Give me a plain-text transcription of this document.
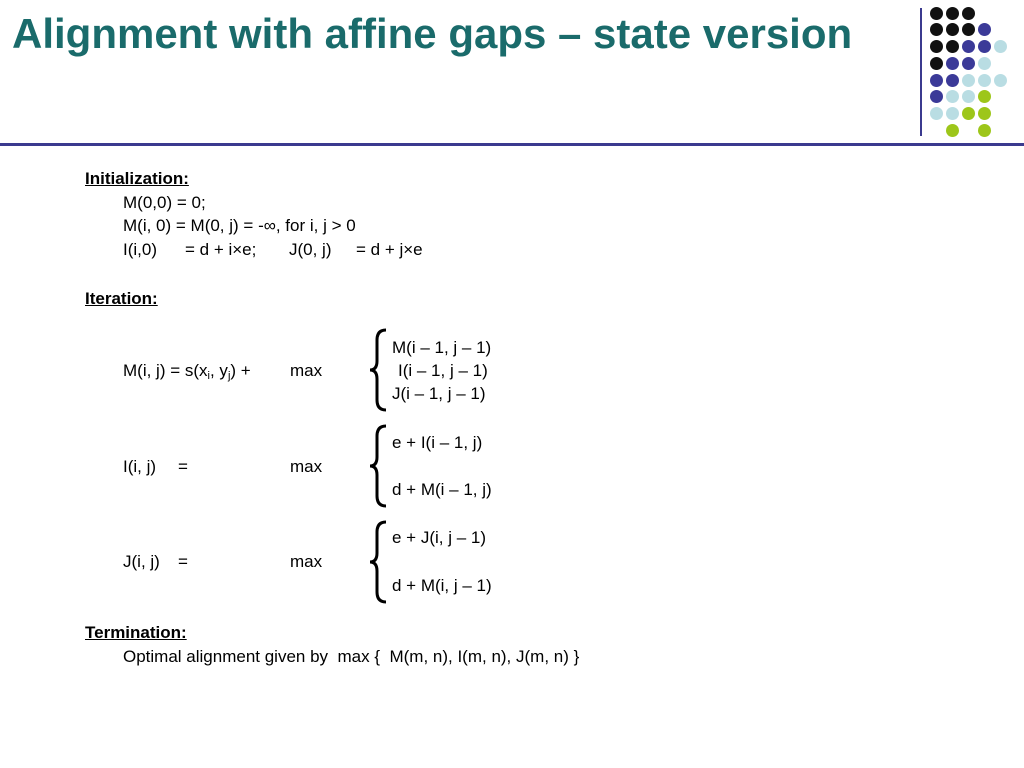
Alignment with affine gaps – state version
Initialization:
M(0,0) = 0;
M(i, 0) = M(0, j) = -∞, for i, j > 0
I(i,0) = d + i×e; J(0, j) = d + j×e
Iteration:
M(i, $j) = s(x_i$, $y_j) + \max$
M(i – 1, j – 1)
I(i – 1, j – 1)
J(i – 1, j – 1)
I(i, j) =	max
e + I(i – 1, j)
d + M(i – 1, j)
J(i, j) =	max
e + J(i, j – 1)
d + M(i, j – 1)
Termination:
Optimal alignment given by  max {  M(m, n), I(m, n), J(m, n) }
